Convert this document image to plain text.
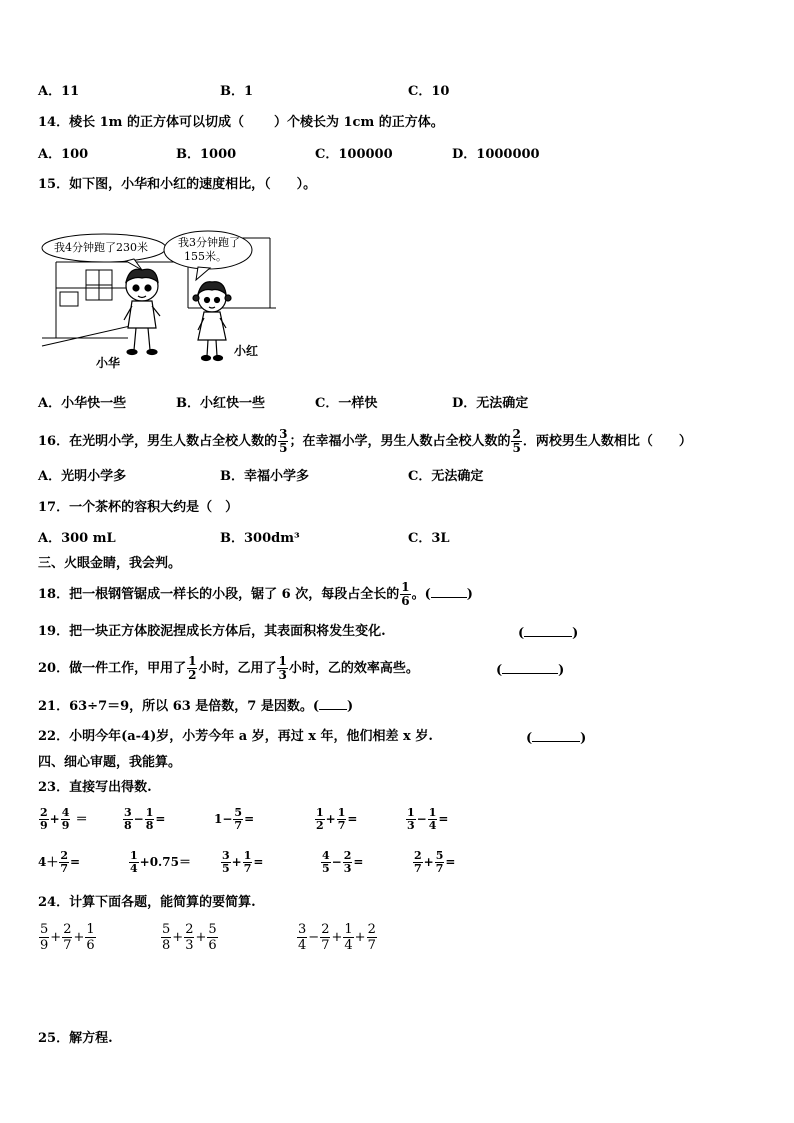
A．11	B．1	C．10
14．棱长 1m 的正方体可以切成（ ）个棱长为 1cm 的正方体。
A．100	B．1000	C．100000	D．1000000
15．如下图，小华和小红的速度相比，（　　）。
我4分钟跑了230米	我3分钟跑了
155米。
小华
小红
A．小华快一些	B．小红快一些	C．一样快	D．无法确定
16．在光明小学，男生人数占全校人数的 $\frac{3}{5}$ ；在幸福小学，男生人数占全校人数的 $\frac{2}{5}$ ．两校男生人数相比（　　）
A．光明小学多	B．幸福小学多	C．无法确定
17．一个茶杯的容积大约是（　）
A．300 mL	B．300dm³	C．3L
三、火眼金睛，我会判。
18．把一根钢管锯成一样长的小段，锯了 6 次，每段占全长的 $\frac{1}{6}$ 。(	)
19．把一块正方体胶泥捏成长方体后，其表面积将发生变化.	(	)
20．做一件工作，甲用了 $\frac{1}{2}$ 小时，乙用了 $\frac{1}{3}$ 小时，乙的效率高些。	(	)
21．63÷7＝9，所以 63 是倍数，7 是因数。( )
22．小明今年(a-4)岁，小芳今年 a 岁，再过 x 年，他们相差 x 岁.	(	)
四、细心审题，我能算。
23．直接写出得数.
$\frac{2}{9} + \frac{4}{9}$ ＝	$\frac{3}{8} - \frac{1}{8}$ =	$1- \frac{5}{7}$ =	$\frac{1}{2} + \frac{1}{7}$ =	$\frac{1}{3} - \frac{1}{4}$ =
$4+ \frac{2}{7}$ =	$\frac{1}{4} +0.75=$	$\frac{3}{5} + \frac{1}{7}$ =	$\frac{4}{5} - \frac{2}{3}$ =	$\frac{2}{7} + \frac{5}{7}$ =
24．计算下面各题，能简算的要简算.
$\frac{5}{9} + \frac{2}{7} + \frac{1}{6}$	$\frac{5}{8} + \frac{2}{3} + \frac{5}{6}$	$\frac{3}{4} - \frac{2}{7} + \frac{1}{4} + \frac{2}{7}$
25．解方程.
